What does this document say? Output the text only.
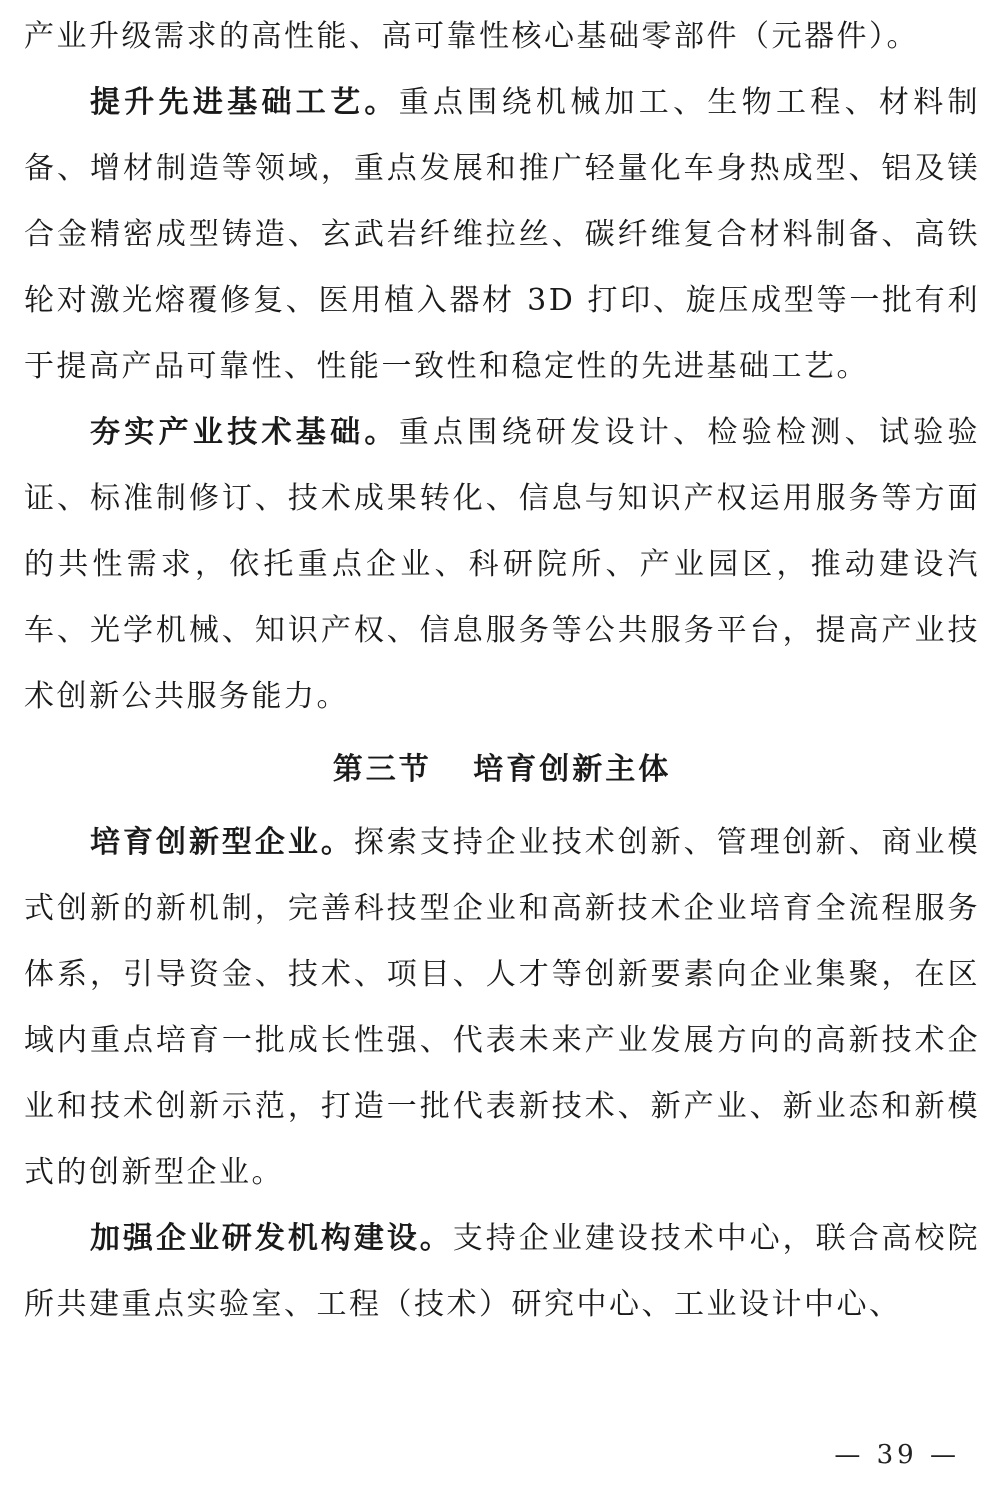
产业升级需求的高性能、高可靠性核心基础零部件（元器件）。

提升先进基础工艺。重点围绕机械加工、生物工程、材料制备、增材制造等领域，重点发展和推广轻量化车身热成型、铝及镁合金精密成型铸造、玄武岩纤维拉丝、碳纤维复合材料制备、高铁轮对激光熔覆修复、医用植入器材 3D 打印、旋压成型等一批有利于提高产品可靠性、性能一致性和稳定性的先进基础工艺。

夯实产业技术基础。重点围绕研发设计、检验检测、试验验证、标准制修订、技术成果转化、信息与知识产权运用服务等方面的共性需求，依托重点企业、科研院所、产业园区，推动建设汽车、光学机械、知识产权、信息服务等公共服务平台，提高产业技术创新公共服务能力。

第三节 培育创新主体

培育创新型企业。探索支持企业技术创新、管理创新、商业模式创新的新机制，完善科技型企业和高新技术企业培育全流程服务体系，引导资金、技术、项目、人才等创新要素向企业集聚，在区域内重点培育一批成长性强、代表未来产业发展方向的高新技术企业和技术创新示范，打造一批代表新技术、新产业、新业态和新模式的创新型企业。

加强企业研发机构建设。支持企业建设技术中心，联合高校院所共建重点实验室、工程（技术）研究中心、工业设计中心、

— 39 —
